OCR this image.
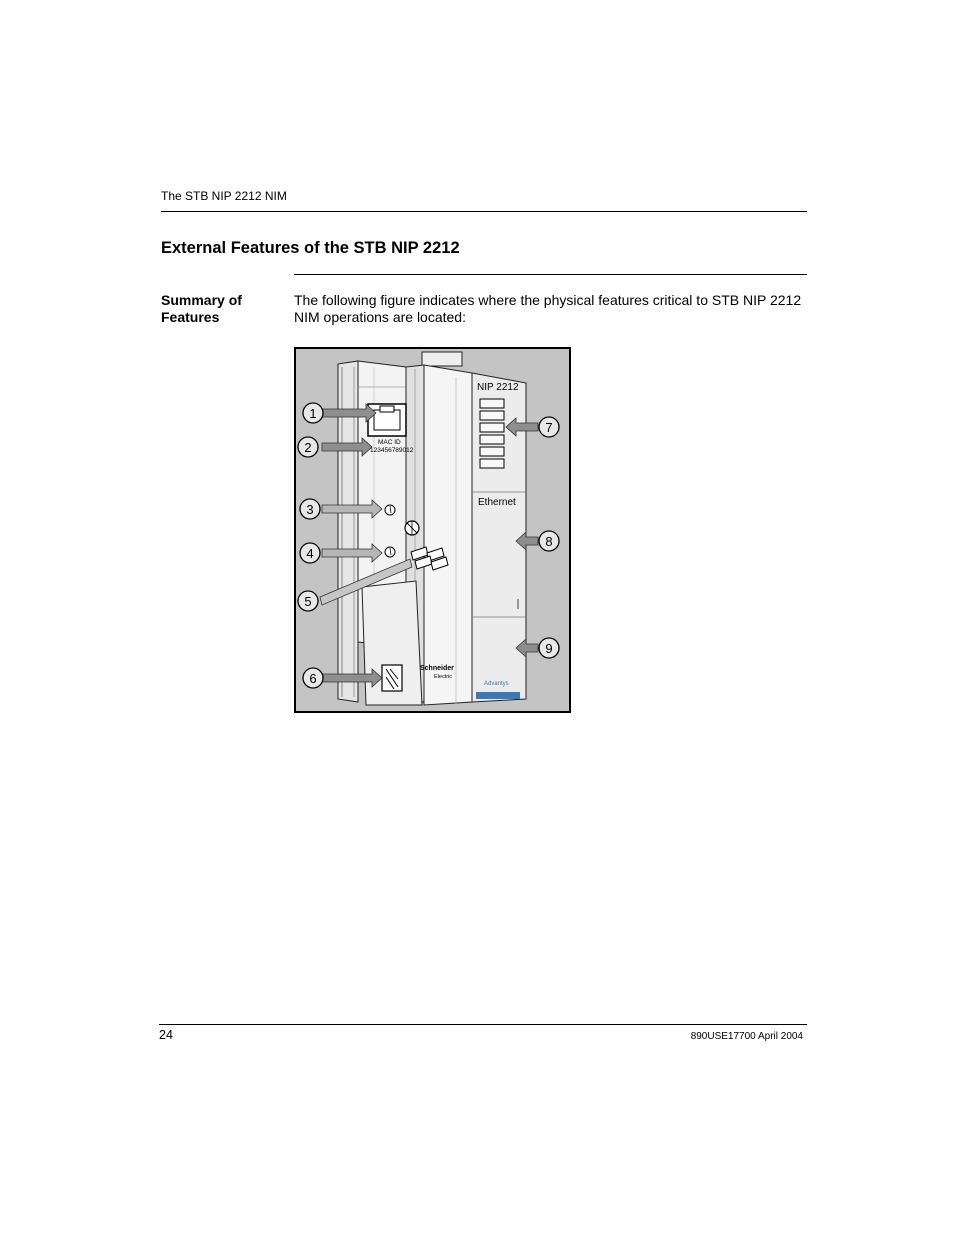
The STB NIP 2212 NIM
External Features of the STB NIP 2212
Summary of
Features

The following figure indicates where the physical features critical to STB NIP 2212 NIM operations are located:

MAC ID
123456789012
NIP 2212
Ethernet
Schneider
Electric
Advantys
1
2
3
4
5
6
7
8
9
24	890USE17700 April 2004
